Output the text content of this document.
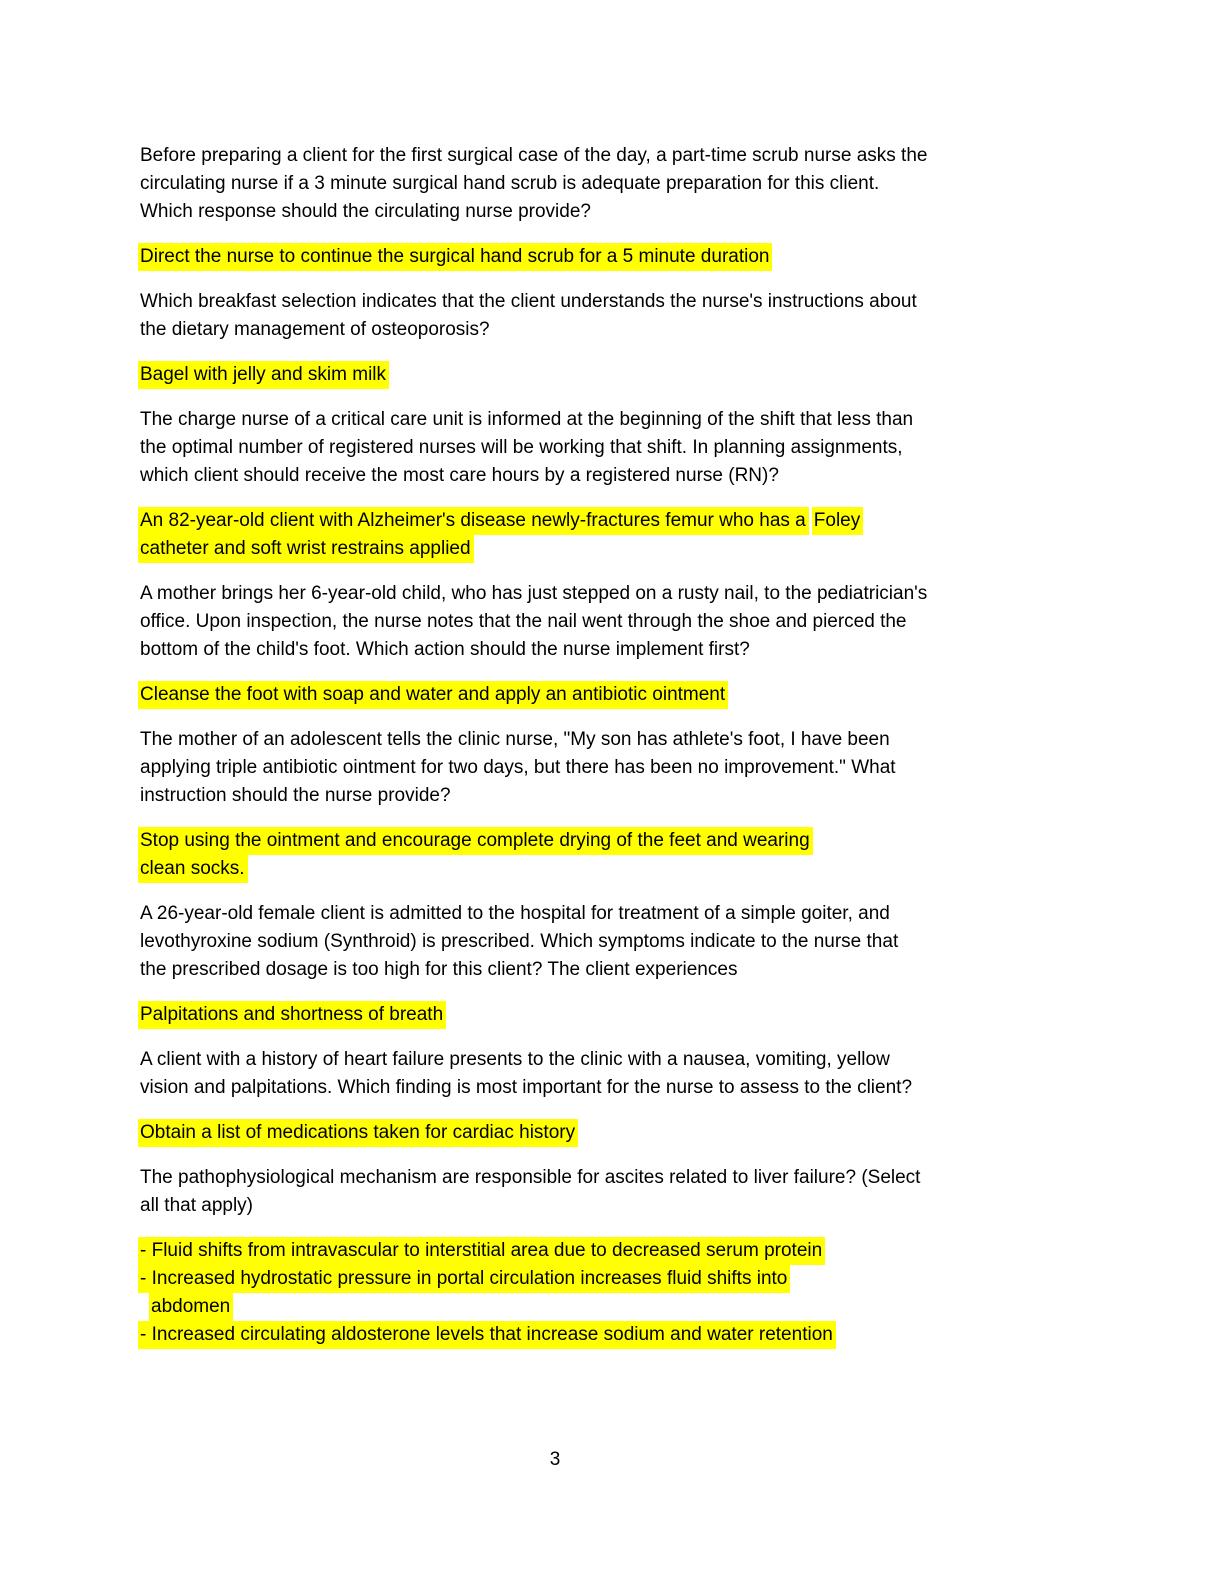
Before preparing a client for the first surgical case of the day, a part-time scrub nurse asks the
circulating nurse if a 3 minute surgical hand scrub is adequate preparation for this client.
Which response should the circulating nurse provide?

Direct the nurse to continue the surgical hand scrub for a 5 minute duration

Which breakfast selection indicates that the client understands the nurse's instructions about
the dietary management of osteoporosis?

Bagel with jelly and skim milk

The charge nurse of a critical care unit is informed at the beginning of the shift that less than
the optimal number of registered nurses will be working that shift. In planning assignments,
which client should receive the most care hours by a registered nurse (RN)?

An 82-year-old client with Alzheimer's disease newly-fractures femur who has a Foley
catheter and soft wrist restrains applied

A mother brings her 6-year-old child, who has just stepped on a rusty nail, to the pediatrician's
office. Upon inspection, the nurse notes that the nail went through the shoe and pierced the
bottom of the child's foot. Which action should the nurse implement first?

Cleanse the foot with soap and water and apply an antibiotic ointment

The mother of an adolescent tells the clinic nurse, "My son has athlete's foot, I have been
applying triple antibiotic ointment for two days, but there has been no improvement." What
instruction should the nurse provide?

Stop using the ointment and encourage complete drying of the feet and wearing
clean socks.

A 26-year-old female client is admitted to the hospital for treatment of a simple goiter, and
levothyroxine sodium (Synthroid) is prescribed. Which symptoms indicate to the nurse that
the prescribed dosage is too high for this client? The client experiences

Palpitations and shortness of breath

A client with a history of heart failure presents to the clinic with a nausea, vomiting, yellow
vision and palpitations. Which finding is most important for the nurse to assess to the client?

Obtain a list of medications taken for cardiac history

The pathophysiological mechanism are responsible for ascites related to liver failure? (Select
all that apply)

- Fluid shifts from intravascular to interstitial area due to decreased serum protein
- Increased hydrostatic pressure in portal circulation increases fluid shifts into
abdomen
- Increased circulating aldosterone levels that increase sodium and water retention

3
